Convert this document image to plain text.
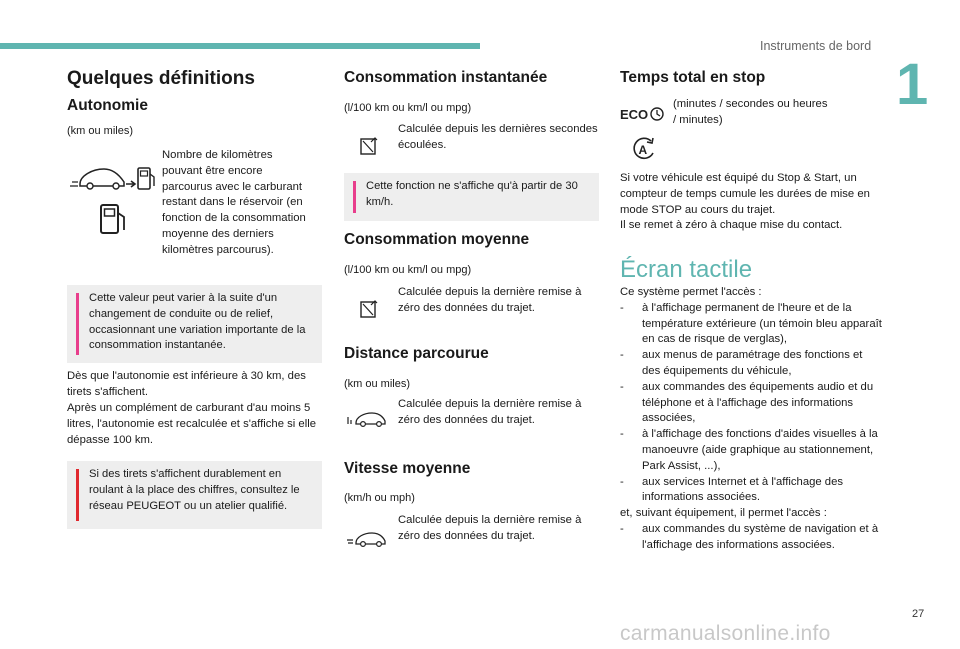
Instruments de bord
1
Quelques définitions
Autonomie
(km ou miles)
Nombre de kilomètres pouvant être encore parcourus avec le carburant restant dans le réservoir (en fonction de la consommation moyenne des derniers kilomètres parcourus).
Cette valeur peut varier à la suite d'un changement de conduite ou de relief, occasionnant une variation importante de la consommation instantanée.
Dès que l'autonomie est inférieure à 30 km, des tirets s'affichent.
Après un complément de carburant d'au moins 5 litres, l'autonomie est recalculée et s'affiche si elle dépasse 100 km.
Si des tirets s'affichent durablement en roulant à la place des chiffres, consultez le réseau PEUGEOT ou un atelier qualifié.
Consommation instantanée
(l/100 km ou km/l ou mpg)
Calculée depuis les dernières secondes écoulées.
Cette fonction ne s'affiche qu'à partir de 30 km/h.
Consommation moyenne
(l/100 km ou km/l ou mpg)
Calculée depuis la dernière remise à zéro des données du trajet.
Distance parcourue
(km ou miles)
Calculée depuis la dernière remise à zéro des données du trajet.
Vitesse moyenne
(km/h ou mph)
Calculée depuis la dernière remise à zéro des données du trajet.
Temps total en stop
ECO
(minutes / secondes ou heures / minutes)
A
Si votre véhicule est équipé du Stop & Start, un compteur de temps cumule les durées de mise en mode STOP au cours du trajet.
Il se remet à zéro à chaque mise du contact.
Écran tactile
Ce système permet l'accès :
- à l'affichage permanent de l'heure et de la température extérieure (un témoin bleu apparaît en cas de risque de verglas),
- aux menus de paramétrage des fonctions et des équipements du véhicule,
- aux commandes des équipements audio et du téléphone et à l'affichage des informations associées,
- à l'affichage des fonctions d'aides visuelles à la manoeuvre (aide graphique au stationnement, Park Assist, ...),
- aux services Internet et à l'affichage des informations associées.
et, suivant équipement, il permet l'accès :
- aux commandes du système de navigation et à l'affichage des informations associées.
27
carmanualsonline.info
